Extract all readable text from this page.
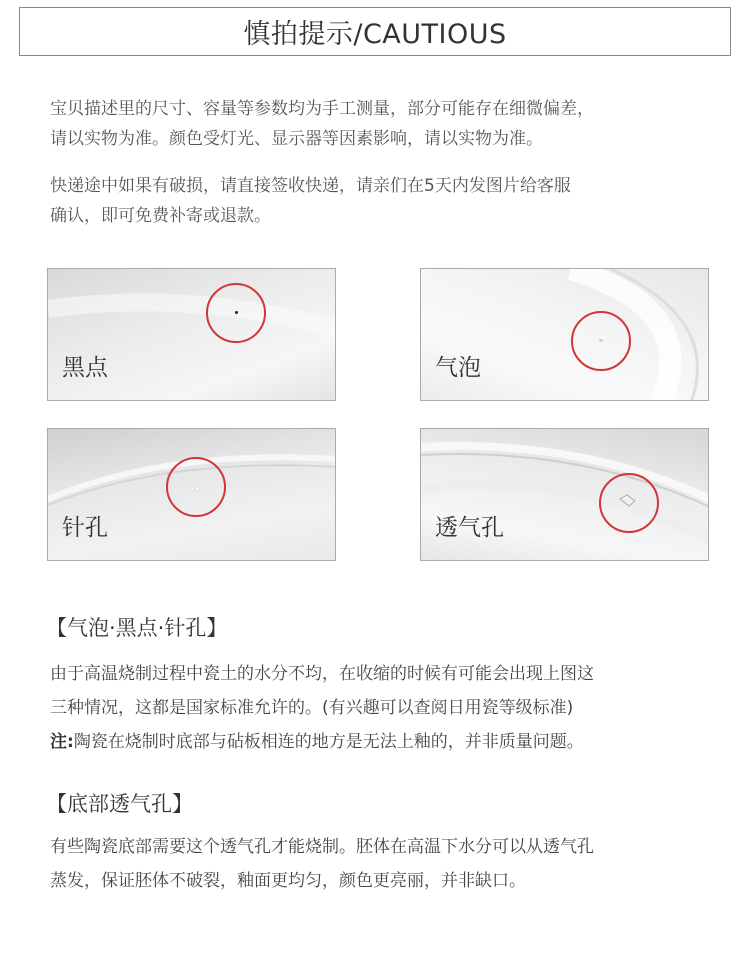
慎拍提示/CAUTIOUS
宝贝描述里的尺寸、容量等参数均为手工测量，部分可能存在细微偏差，
请以实物为准。颜色受灯光、显示器等因素影响，请以实物为准。
快递途中如果有破损，请直接签收快递，请亲们在5天内发图片给客服
确认，即可免费补寄或退款。
黑点	气泡
针孔	透气孔
【气泡·黑点·针孔】
由于高温烧制过程中瓷土的水分不均，在收缩的时候有可能会出现上图这
三种情况，这都是国家标准允许的。(有兴趣可以查阅日用瓷等级标准)
注:陶瓷在烧制时底部与砧板相连的地方是无法上釉的，并非质量问题。
【底部透气孔】
有些陶瓷底部需要这个透气孔才能烧制。胚体在高温下水分可以从透气孔
蒸发，保证胚体不破裂，釉面更均匀，颜色更亮丽，并非缺口。
